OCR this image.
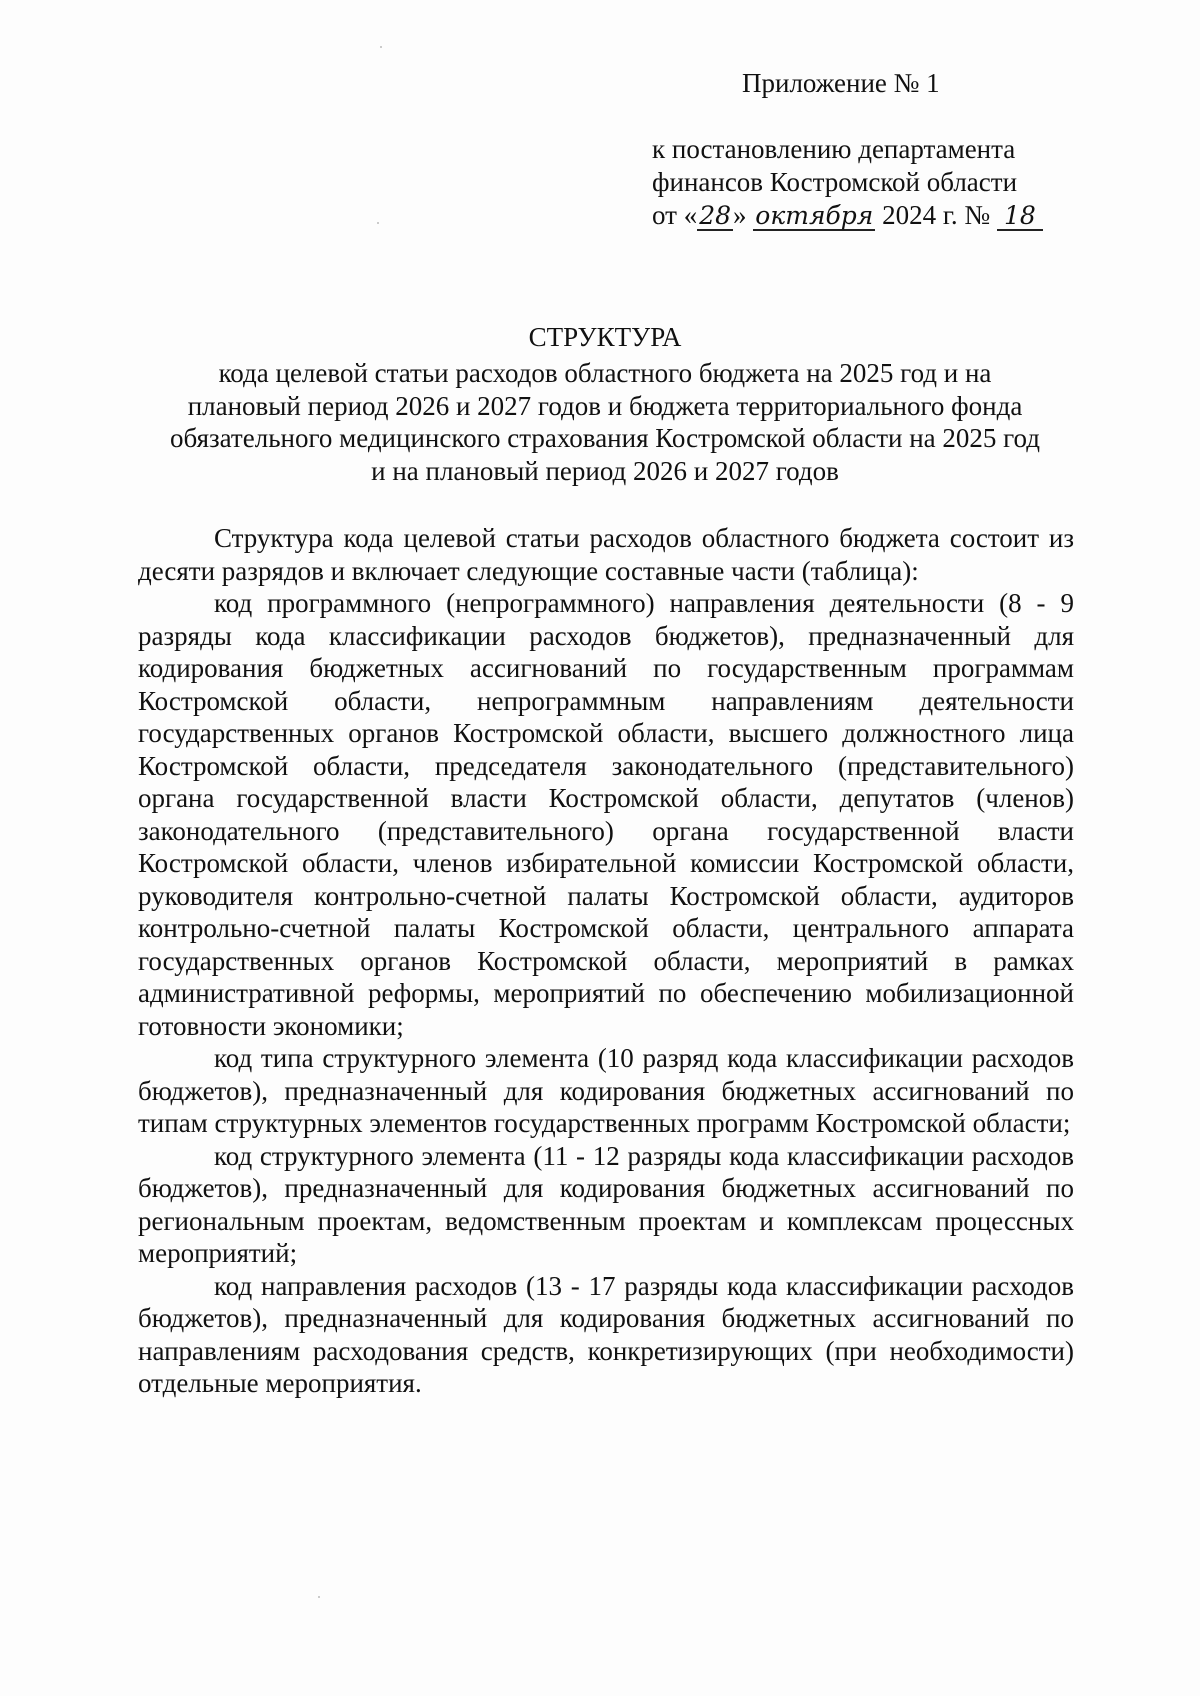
Приложение № 1
к постановлению департамента
финансов Костромской области
от «28» октября 2024 г. № 18
СТРУКТУРА
кода целевой статьи расходов областного бюджета на 2025 год и на
плановый период 2026 и 2027 годов и бюджета территориального фонда
обязательного медицинского страхования Костромской области на 2025 год
и на плановый период 2026 и 2027 годов

Структура кода целевой статьи расходов областного бюджета состоит из десяти разрядов и включает следующие составные части (таблица):

код программного (непрограммного) направления деятельности (8 - 9 разряды кода классификации расходов бюджетов), предназначенный для кодирования бюджетных ассигнований по государственным программам Костромской области, непрограммным направлениям деятельности государственных органов Костромской области, высшего должностного лица Костромской области, председателя законодательного (представительного) органа государственной власти Костромской области, депутатов (членов) законодательного (представительного) органа государственной власти Костромской области, членов избирательной комиссии Костромской области, руководителя контрольно-счетной палаты Костромской области, аудиторов контрольно-счетной палаты Костромской области, центрального аппарата государственных органов Костромской области, мероприятий в рамках административной реформы, мероприятий по обеспечению мобилизационной готовности экономики;

код типа структурного элемента (10 разряд кода классификации расходов бюджетов), предназначенный для кодирования бюджетных ассигнований по типам структурных элементов государственных программ Костромской области;

код структурного элемента (11 - 12 разряды кода классификации расходов бюджетов), предназначенный для кодирования бюджетных ассигнований по региональным проектам, ведомственным проектам и комплексам процессных мероприятий;

код направления расходов (13 - 17 разряды кода классификации расходов бюджетов), предназначенный для кодирования бюджетных ассигнований по направлениям расходования средств, конкретизирующих (при необходимости) отдельные мероприятия.
